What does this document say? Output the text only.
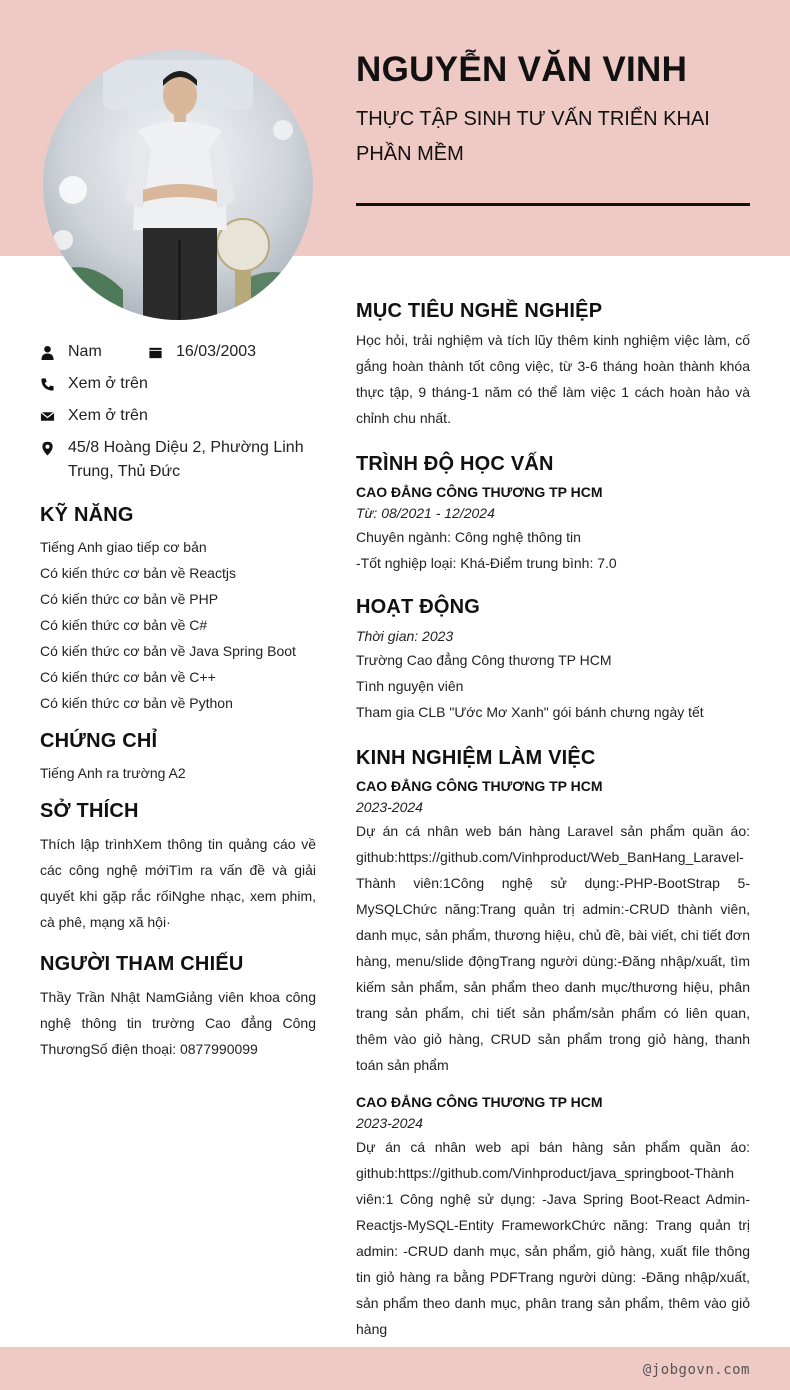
NGUYỄN VĂN VINH
THỰC TẬP SINH TƯ VẤN TRIỂN KHAI PHẦN MỀM
Nam	16/03/2003
Xem ở trên
Xem ở trên
45/8 Hoàng Diệu 2, Phường Linh Trung, Thủ Đức
KỸ NĂNG
Tiếng Anh giao tiếp cơ bản
Có kiến thức cơ bản về Reactjs
Có kiến thức cơ bản về PHP
Có kiến thức cơ bản về C#
Có kiến thức cơ bản về Java Spring Boot
Có kiến thức cơ bản về C++
Có kiến thức cơ bản về Python
CHỨNG CHỈ
Tiếng Anh ra trường A2
SỞ THÍCH
Thích lập trìnhXem thông tin quảng cáo về các công nghệ mớiTìm ra vấn đề và giải quyết khi gặp rắc rốiNghe nhạc, xem phim, cà phê, mạng xã hội·
NGƯỜI THAM CHIẾU
Thầy Trần Nhật NamGiảng viên khoa công nghệ thông tin trường Cao đẳng Công ThươngSố điện thoại: 0877990099
MỤC TIÊU NGHỀ NGHIỆP
Học hỏi, trải nghiệm và tích lũy thêm kinh nghiệm việc làm, cố gắng hoàn thành tốt công việc, từ 3-6 tháng hoàn thành khóa thực tập, 9 tháng-1 năm có thể làm việc 1 cách hoàn hảo và chỉnh chu nhất.
TRÌNH ĐỘ HỌC VẤN
CAO ĐẲNG CÔNG THƯƠNG TP HCM
Từ: 08/2021 - 12/2024
Chuyên ngành: Công nghệ thông tin
-Tốt nghiệp loại: Khá-Điểm trung bình: 7.0
HOẠT ĐỘNG
Thời gian: 2023
Trường Cao đẳng Công thương TP HCM
Tình nguyện viên
Tham gia CLB "Ước Mơ Xanh" gói bánh chưng ngày tết
KINH NGHIỆM LÀM VIỆC
CAO ĐẲNG CÔNG THƯƠNG TP HCM
2023-2024
Dự án cá nhân web bán hàng Laravel sản phẩm quần áo: github:https://github.com/Vinhproduct/Web_BanHang_Laravel-Thành viên:1Công nghệ sử dụng:-PHP-BootStrap 5-MySQLChức năng:Trang quản trị admin:-CRUD thành viên, danh mục, sản phẩm, thương hiệu, chủ đề, bài viết, chi tiết đơn hàng, menu/slide độngTrang người dùng:-Đăng nhập/xuất, tìm kiếm sản phẩm, sản phẩm theo danh mục/thương hiệu, phân trang sản phẩm, chi tiết sản phẩm/sản phẩm có liên quan, thêm vào giỏ hàng, CRUD sản phẩm trong giỏ hàng, thanh toán sản phẩm
CAO ĐẲNG CÔNG THƯƠNG TP HCM
2023-2024
Dự án cá nhân web api bán hàng sản phẩm quần áo: github:https://github.com/Vinhproduct/java_springboot-Thành viên:1 Công nghệ sử dụng: -Java Spring Boot-React Admin-Reactjs-MySQL-Entity FrameworkChức năng: Trang quản trị admin: -CRUD danh mục, sản phẩm, giỏ hàng, xuất file thông tin giỏ hàng ra bằng PDFTrang người dùng: -Đăng nhập/xuất, sản phẩm theo danh mục, phân trang sản phẩm, thêm vào giỏ hàng
@jobgovn.com
